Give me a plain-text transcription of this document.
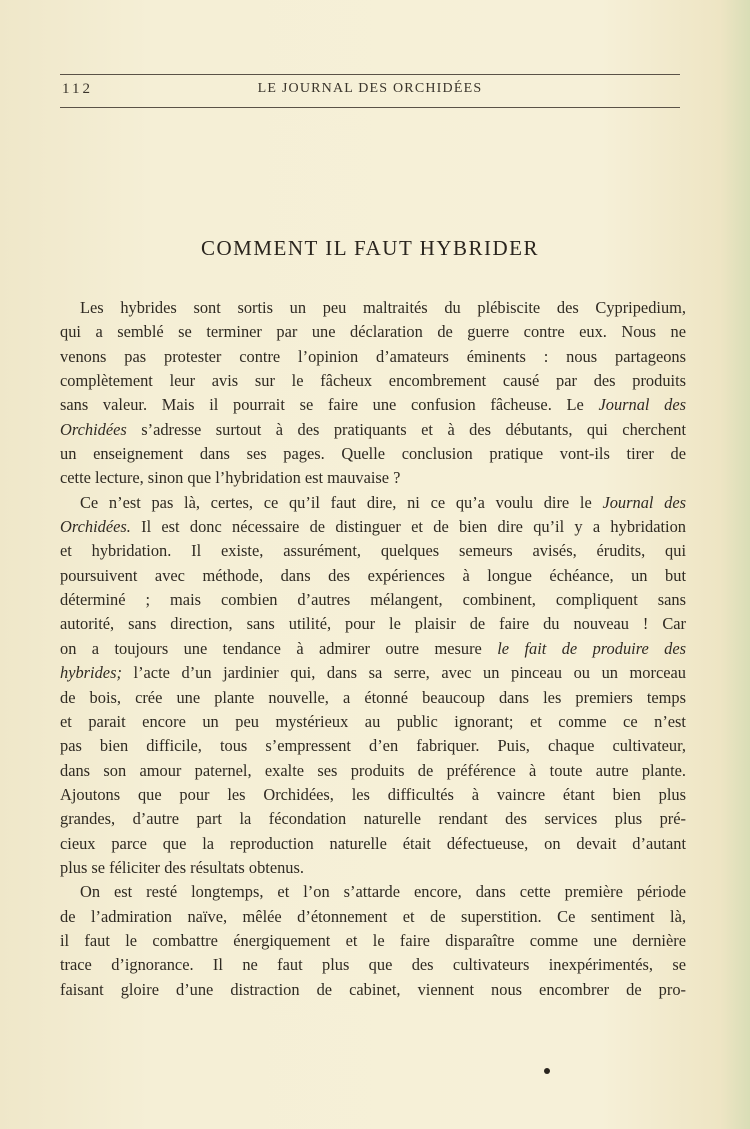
112	LE JOURNAL DES ORCHIDÉES
COMMENT IL FAUT HYBRIDER
Les hybrides sont sortis un peu maltraités du plébiscite des Cypripedium,
qui a semblé se terminer par une déclaration de guerre contre eux. Nous ne
venons pas protester contre l’opinion d’amateurs éminents : nous partageons
complètement leur avis sur le fâcheux encombrement causé par des produits
sans valeur. Mais il pourrait se faire une confusion fâcheuse. Le Journal des
Orchidées s’adresse surtout à des pratiquants et à des débutants, qui cherchent
un enseignement dans ses pages. Quelle conclusion pratique vont-ils tirer de
cette lecture, sinon que l’hybridation est mauvaise ?
Ce n’est pas là, certes, ce qu’il faut dire, ni ce qu’a voulu dire le Journal des
Orchidées. Il est donc nécessaire de distinguer et de bien dire qu’il y a hybridation
et hybridation. Il existe, assurément, quelques semeurs avisés, érudits, qui
poursuivent avec méthode, dans des expériences à longue échéance, un but
déterminé ; mais combien d’autres mélangent, combinent, compliquent sans
autorité, sans direction, sans utilité, pour le plaisir de faire du nouveau ! Car
on a toujours une tendance à admirer outre mesure le fait de produire des
hybrides; l’acte d’un jardinier qui, dans sa serre, avec un pinceau ou un morceau
de bois, crée une plante nouvelle, a étonné beaucoup dans les premiers temps
et parait encore un peu mystérieux au public ignorant; et comme ce n’est
pas bien difficile, tous s’empressent d’en fabriquer. Puis, chaque cultivateur,
dans son amour paternel, exalte ses produits de préférence à toute autre plante.
Ajoutons que pour les Orchidées, les difficultés à vaincre étant bien plus
grandes, d’autre part la fécondation naturelle rendant des services plus pré-
cieux parce que la reproduction naturelle était défectueuse, on devait d’autant
plus se féliciter des résultats obtenus.
On est resté longtemps, et l’on s’attarde encore, dans cette première période
de l’admiration naïve, mêlée d’étonnement et de superstition. Ce sentiment là,
il faut le combattre énergiquement et le faire disparaître comme une dernière
trace d’ignorance. Il ne faut plus que des cultivateurs inexpérimentés, se
faisant gloire d’une distraction de cabinet, viennent nous encombrer de pro-
